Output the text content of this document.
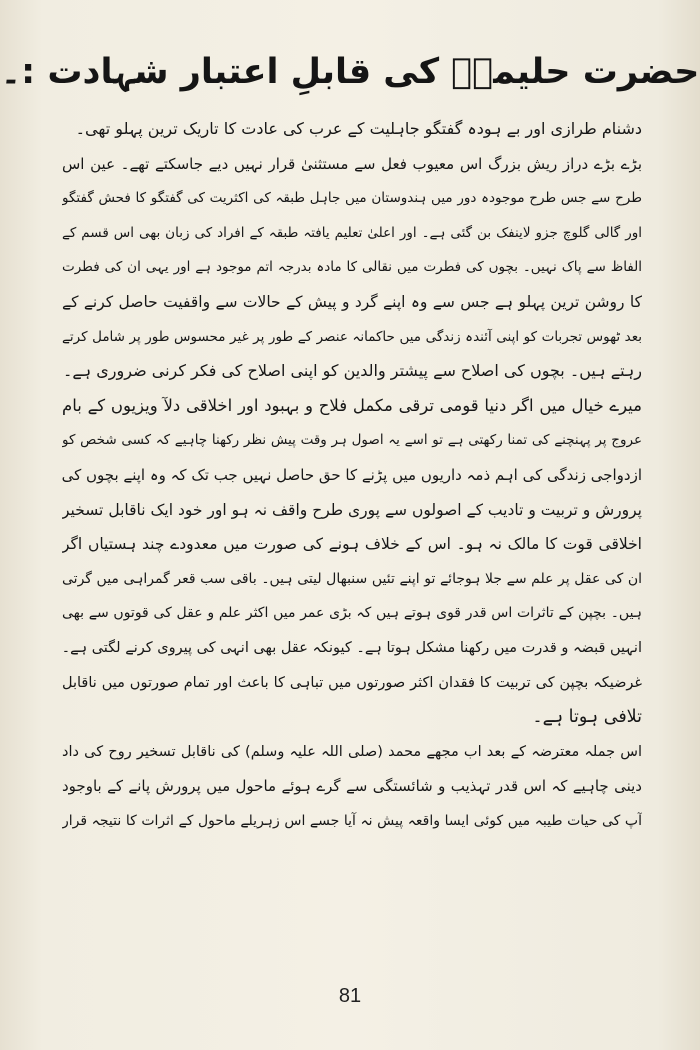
حضرت حلیمہؓ کی قابلِ اعتبار شہادت :۔
دشنام طرازی اور بے ہودہ گفتگو جاہلیت کے عرب کی عادت کا تاریک ترین پہلو تھی۔
بڑے بڑے دراز ریش بزرگ اس معیوب فعل سے مستثنیٰ قرار نہیں دیے جاسکتے تھے۔ عین اس
طرح سے جس طرح موجودہ دور میں ہندوستان میں جاہل طبقہ کی اکثریت کی گفتگو کا فحش گفتگو
اور گالی گلوچ جزو لاینفک بن گئی ہے۔ اور اعلیٰ تعلیم یافتہ طبقہ کے افراد کی زبان بھی اس قسم کے
الفاظ سے پاک نہیں۔ بچوں کی فطرت میں نقالی کا مادہ بدرجہ اتم موجود ہے اور یہی ان کی فطرت
کا روشن ترین پہلو ہے جس سے وہ اپنے گرد و پیش کے حالات سے واقفیت حاصل کرنے کے
بعد ٹھوس تجربات کو اپنی آئندہ زندگی میں حاکمانہ عنصر کے طور پر غیر محسوس طور پر شامل کرتے
رہتے ہیں۔ بچوں کی اصلاح سے پیشتر والدین کو اپنی اصلاح کی فکر کرنی ضروری ہے۔
میرے خیال میں اگر دنیا قومی ترقی مکمل فلاح و بہبود اور اخلاقی دلآ ویزیوں کے بام
عروج پر پہنچنے کی تمنا رکھتی ہے تو اسے یہ اصول ہر وقت پیش نظر رکھنا چاہیے کہ کسی شخص کو
ازدواجی زندگی کی اہم ذمہ داریوں میں پڑنے کا حق حاصل نہیں جب تک کہ وہ اپنے بچوں کی
پرورش و تربیت و تادیب کے اصولوں سے پوری طرح واقف نہ ہو اور خود ایک ناقابل تسخیر
اخلاقی قوت کا مالک نہ ہو۔ اس کے خلاف ہونے کی صورت میں معدودے چند ہستیاں اگر
ان کی عقل پر علم سے جلا ہوجائے تو اپنے تئیں سنبھال لیتی ہیں۔ باقی سب قعر گمراہی میں گرتی
ہیں۔ بچپن کے تاثرات اس قدر قوی ہوتے ہیں کہ بڑی عمر میں اکثر علم و عقل کی قوتوں سے بھی
انہیں قبضہ و قدرت میں رکھنا مشکل ہوتا ہے۔ کیونکہ عقل بھی انہی کی پیروی کرنے لگتی ہے۔
غرضیکہ بچپن کی تربیت کا فقدان اکثر صورتوں میں تباہی کا باعث اور تمام صورتوں میں ناقابل
تلافی ہوتا ہے۔
اس جملہ معترضہ کے بعد اب مجھے محمد (صلی اللہ علیہ وسلم) کی ناقابل تسخیر روح کی داد
دینی چاہیے کہ اس قدر تہذیب و شائستگی سے گرے ہوئے ماحول میں پرورش پانے کے باوجود
آپ کی حیات طیبہ میں کوئی ایسا واقعہ پیش نہ آیا جسے اس زہریلے ماحول کے اثرات کا نتیجہ قرار
81
